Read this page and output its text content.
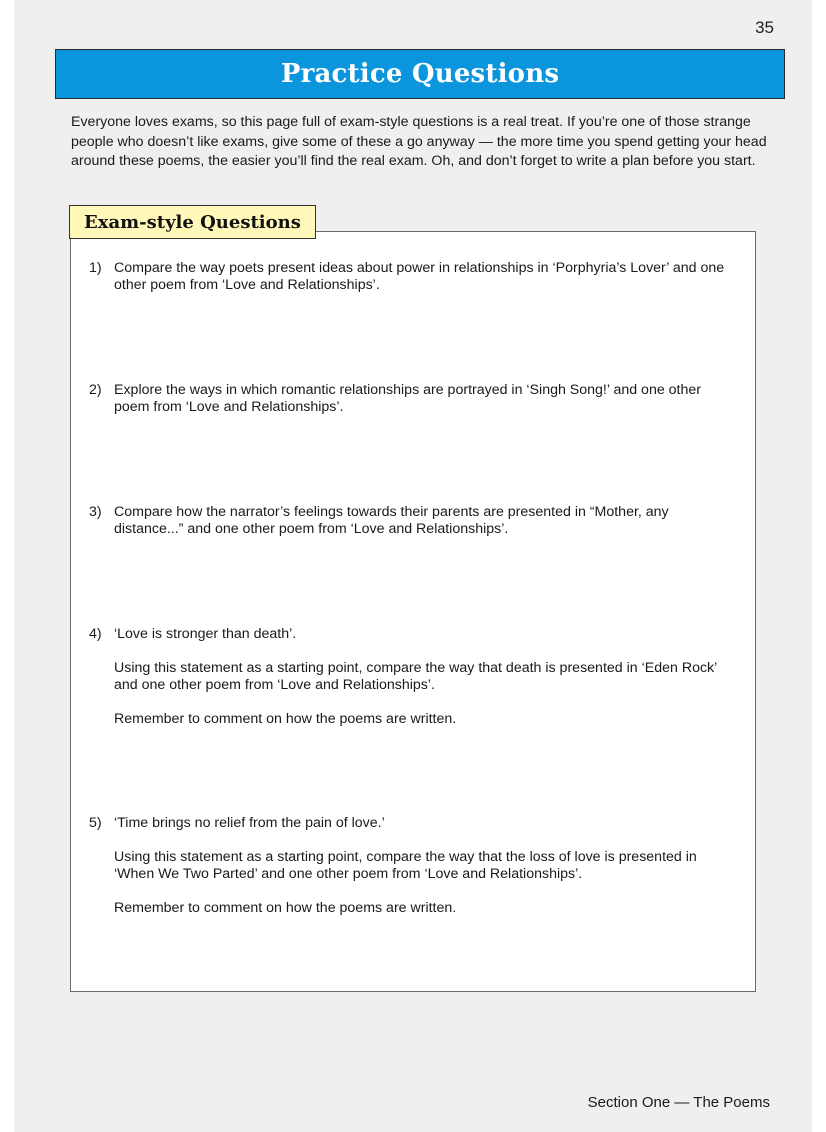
35
Practice Questions
Everyone loves exams, so this page full of exam-style questions is a real treat. If you’re one of those strange people who doesn’t like exams, give some of these a go anyway — the more time you spend getting your head around these poems, the easier you’ll find the real exam. Oh, and don’t forget to write a plan before you start.
Exam-style Questions
1) Compare the way poets present ideas about power in relationships in ‘Porphyria’s Lover’ and one other poem from ‘Love and Relationships’.

2) Explore the ways in which romantic relationships are portrayed in ‘Singh Song!’ and one other poem from ‘Love and Relationships’.

3) Compare how the narrator’s feelings towards their parents are presented in “Mother, any distance...” and one other poem from ‘Love and Relationships’.

4) ‘Love is stronger than death’.

Using this statement as a starting point, compare the way that death is presented in ‘Eden Rock’ and one other poem from ‘Love and Relationships’.

Remember to comment on how the poems are written.

5) ‘Time brings no relief from the pain of love.’

Using this statement as a starting point, compare the way that the loss of love is presented in ‘When We Two Parted’ and one other poem from ‘Love and Relationships’.

Remember to comment on how the poems are written.

Section One — The Poems
